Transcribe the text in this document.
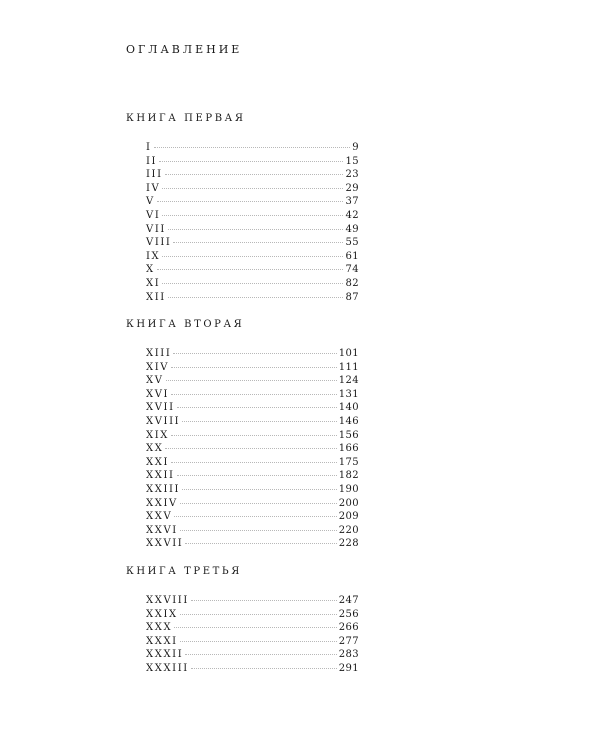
ОГЛАВЛЕНИЕ
КНИГА ПЕРВАЯ
I	9
II	15
III	23
IV	29
V	37
VI	42
VII	49
VIII	55
IX	61
X	74
XI	82
XII	87
КНИГА ВТОРАЯ
XIII	101
XIV	111
XV	124
XVI	131
XVII	140
XVIII	146
XIX	156
XX	166
XXI	175
XXII	182
XXIII	190
XXIV	200
XXV	209
XXVI	220
XXVII	228
КНИГА ТРЕТЬЯ
XXVIII	247
XXIX	256
XXX	266
XXXI	277
XXXII	283
XXXIII	291
